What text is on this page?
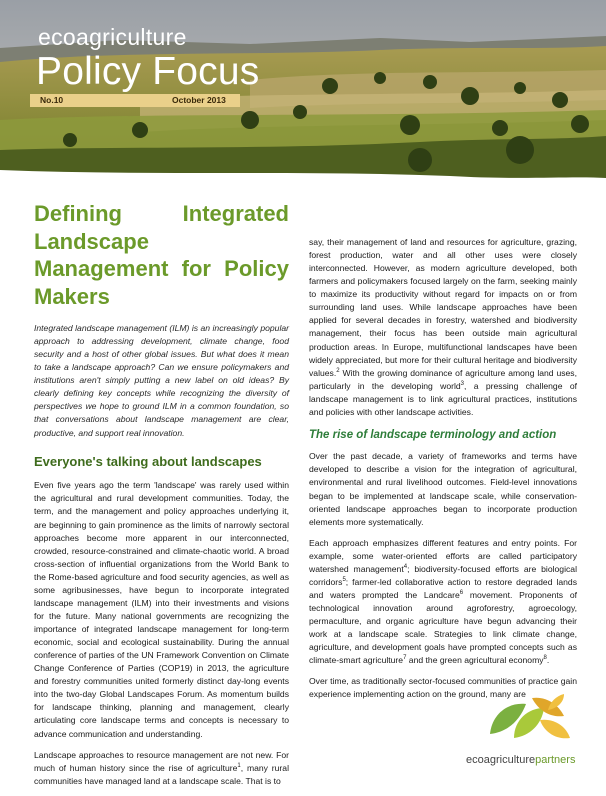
ecoagriculture
Policy Focus
No.10	October 2013
Defining Integrated Landscape Management for Policy Makers

Integrated landscape management (ILM) is an increasingly popular approach to addressing development, climate change, food security and a host of other global issues. But what does it mean to take a landscape approach? Can we ensure policymakers and institutions aren't simply putting a new label on old ideas? By clearly defining key concepts while recognizing the diversity of perspectives we hope to ground ILM in a common foundation, so that conversations about landscape management are clear, productive, and support real innovation.

Everyone's talking about landscapes

Even five years ago the term 'landscape' was rarely used within the agricultural and rural development communities. Today, the term, and the management and policy approaches underlying it, are beginning to gain prominence as the limits of narrowly sectoral approaches become more apparent in our interconnected, crowded, resource-constrained and climate-chaotic world. A broad cross-section of influential organizations from the World Bank to the Rome-based agriculture and food security agencies, as well as some agribusinesses, have begun to incorporate integrated landscape management (ILM) into their investments and visions for the future. Many national governments are recognizing the importance of integrated landscape management for long-term economic, social and ecological sustainability. During the annual conference of parties of the UN Framework Convention on Climate Change Conference of Parties (COP19) in 2013, the agriculture and forestry communities united formerly distinct day-long events into the two-day Global Landscapes Forum. As momentum builds for landscape thinking, planning and management, clearly articulating core landscape terms and concepts is necessary to advance communication and understanding.

Landscape approaches to resource management are not new. For much of human history since the rise of agriculture$^1$, many rural communities have managed land at a landscape scale. That is to

say, their management of land and resources for agriculture, grazing, forest production, water and all other uses were closely interconnected. However, as modern agriculture developed, both farmers and policymakers focused largely on the farm, seeking mainly to maximize its productivity without regard for impacts on or from surrounding land uses. While landscape approaches have been applied for several decades in forestry, watershed and biodiversity management, their focus has been outside main agricultural production areas. In Europe, multifunctional landscapes have been widely appreciated, but more for their cultural heritage and biodiversity values.$^2$ With the growing dominance of agriculture among land uses, particularly in the developing world$^3$, a pressing challenge of landscape management is to link agricultural practices, institutions and policies with other landscape activities.

The rise of landscape terminology and action

Over the past decade, a variety of frameworks and terms have developed to describe a vision for the integration of agricultural, environmental and rural livelihood outcomes. Field-level innovations began to be implemented at landscape scale, while conservation-oriented landscape approaches began to incorporate production elements more systematically.

Each approach emphasizes different features and entry points. For example, some water-oriented efforts are called participatory watershed management$^4$; biodiversity-focused efforts are biological corridors$^5$; farmer-led collaborative action to restore degraded lands and waters prompted the Landcare$^6$ movement. Proponents of technological innovation around agroforestry, agroecology, permaculture, and organic agriculture have begun advancing their work at a landscape scale. Strategies to link climate change, agriculture, and development goals have prompted concepts such as climate-smart agriculture$^7$ and the green agricultural economy$^8$.

Over time, as traditionally sector-focused communities of practice gain experience implementing action on the ground, many are

ecoagriculturepartners
